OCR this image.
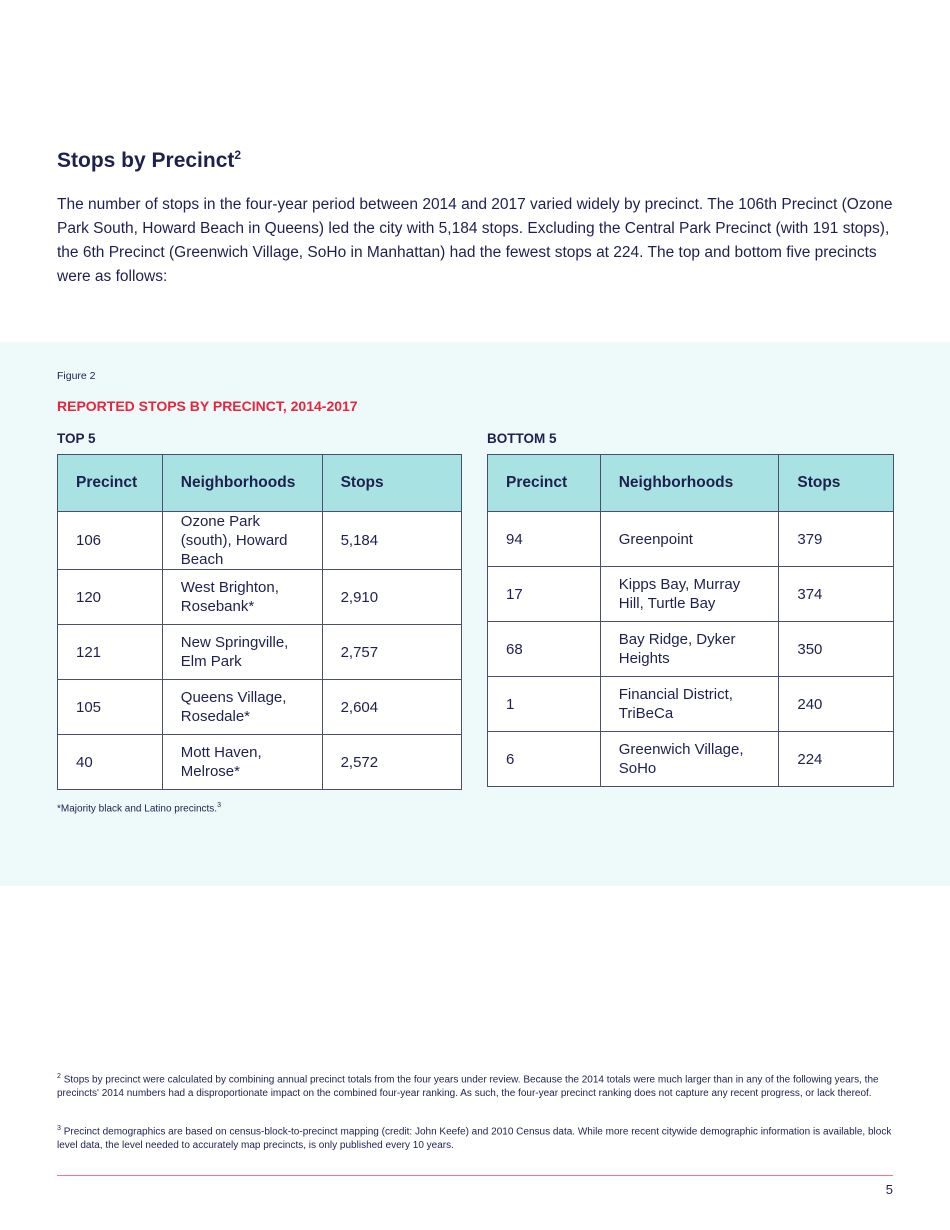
Stops by Precinct$^2$

The number of stops in the four-year period between 2014 and 2017 varied widely by precinct. The 106th Precinct (Ozone Park South, Howard Beach in Queens) led the city with 5,184 stops. Excluding the Central Park Precinct (with 191 stops), the 6th Precinct (Greenwich Village, SoHo in Manhattan) had the fewest stops at 224. The top and bottom five precincts were as follows:

Figure 2
REPORTED STOPS BY PRECINCT, 2014-2017
TOP 5
Precinct	Neighborhoods	Stops
106	Ozone Park (south), Howard Beach	5,184
120	West Brighton, Rosebank*	2,910
121	New Springville, Elm Park	2,757
105	Queens Village, Rosedale*	2,604
40	Mott Haven, Melrose*	2,572
BOTTOM 5
Precinct	Neighborhoods	Stops
94	Greenpoint	379
17	Kipps Bay, Murray Hill, Turtle Bay	374
68	Bay Ridge, Dyker Heights	350
1	Financial District, TriBeCa	240
6	Greenwich Village, SoHo	224
*Majority black and Latino precincts.$^3$
$^2$ Stops by precinct were calculated by combining annual precinct totals from the four years under review. Because the 2014 totals were much larger than in any of the following years, the precincts' 2014 numbers had a disproportionate impact on the combined four-year ranking. As such, the four-year precinct ranking does not capture any recent progress, or lack thereof.
$^3$ Precinct demographics are based on census-block-to-precinct mapping (credit: John Keefe) and 2010 Census data. While more recent citywide demographic information is available, block level data, the level needed to accurately map precincts, is only published every 10 years.
5
